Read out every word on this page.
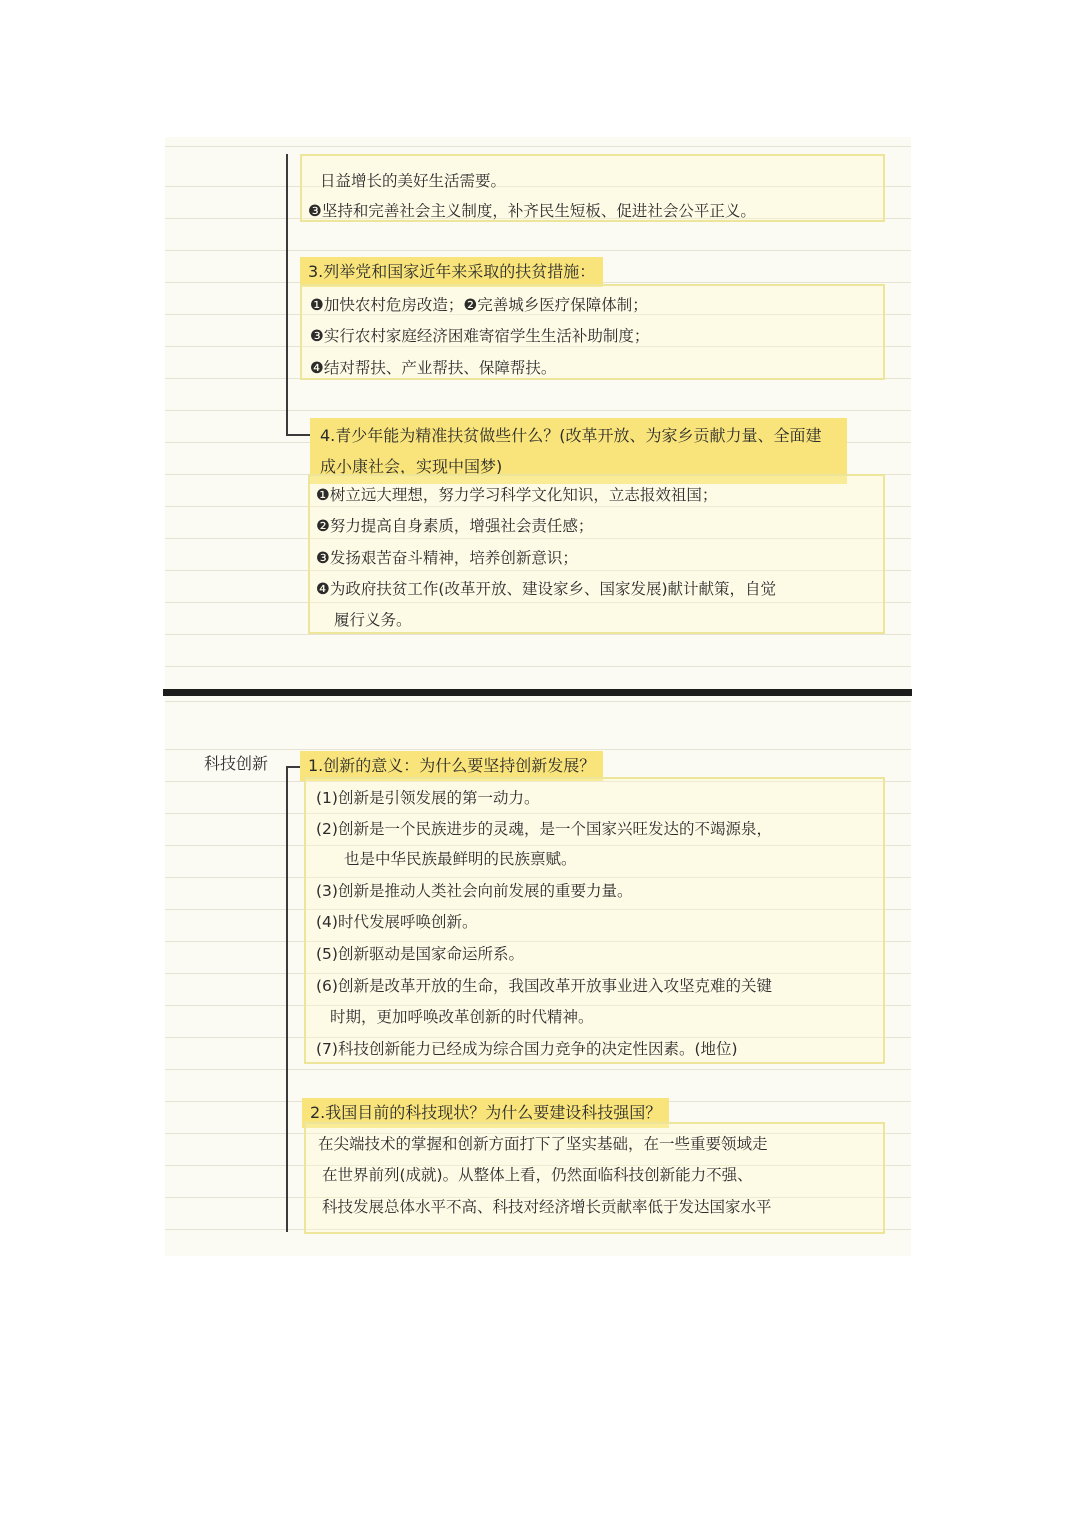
日益增长的美好生活需要。
❸坚持和完善社会主义制度，补齐民生短板、促进社会公平正义。
3.列举党和国家近年来采取的扶贫措施：
❶加快农村危房改造；❷完善城乡医疗保障体制；
❸实行农村家庭经济困难寄宿学生生活补助制度；
❹结对帮扶、产业帮扶、保障帮扶。
4.青少年能为精准扶贫做些什么？(改革开放、为家乡贡献力量、全面建成小康社会，实现中国梦)
❶树立远大理想，努力学习科学文化知识，立志报效祖国；
❷努力提高自身素质，增强社会责任感；
❸发扬艰苦奋斗精神，培养创新意识；
❹为政府扶贫工作(改革开放、建设家乡、国家发展)献计献策，自觉
履行义务。
科技创新	1.创新的意义：为什么要坚持创新发展？
(1)创新是引领发展的第一动力。
(2)创新是一个民族进步的灵魂，是一个国家兴旺发达的不竭源泉，
也是中华民族最鲜明的民族禀赋。
(3)创新是推动人类社会向前发展的重要力量。
(4)时代发展呼唤创新。
(5)创新驱动是国家命运所系。
(6)创新是改革开放的生命，我国改革开放事业进入攻坚克难的关键
时期，更加呼唤改革创新的时代精神。
(7)科技创新能力已经成为综合国力竞争的决定性因素。(地位)
2.我国目前的科技现状？为什么要建设科技强国？
在尖端技术的掌握和创新方面打下了坚实基础，在一些重要领域走
在世界前列(成就)。从整体上看，仍然面临科技创新能力不强、
科技发展总体水平不高、科技对经济增长贡献率低于发达国家水平
